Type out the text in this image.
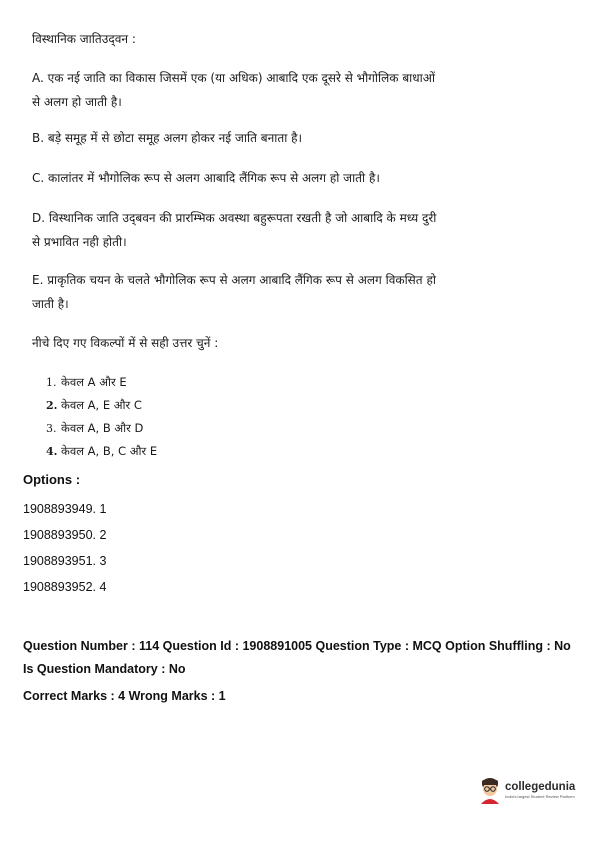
विस्थानिक जातिउद्‌वन :
A. एक नई जाति का विकास जिसमें एक (या अधिक) आबादि एक दूसरे से भौगोलिक बाधाओं
से अलग हो जाती है।
B. बड़े समूह में से छोटा समूह अलग होकर नई जाति बनाता है।
C. कालांतर में भौगोलिक रूप से अलग आबादि लैंगिक रूप से अलग हो जाती है।
D. विस्थानिक जाति उद्‌बवन की प्रारम्भिक अवस्था बहुरूपता रखती है जो आबादि के मध्य दुरी
से प्रभावित नही होती।
E. प्राकृतिक चयन के चलते भौगोलिक रूप से अलग आबादि लैंगिक रूप से अलग विकसित हो
जाती है।
नीचे दिए गए विकल्पों में से सही उत्तर चुनें :
1. केवल A और E
2. केवल A, E और C
3. केवल A, B और D
4. केवल A, B, C और E
Options :
1908893949. 1
1908893950. 2
1908893951. 3
1908893952. 4
Question Number : 114 Question Id : 1908891005 Question Type : MCQ Option Shuffling : No
Is Question Mandatory : No
Correct Marks : 4 Wrong Marks : 1
collegedunia
India's largest Student Review Platform
